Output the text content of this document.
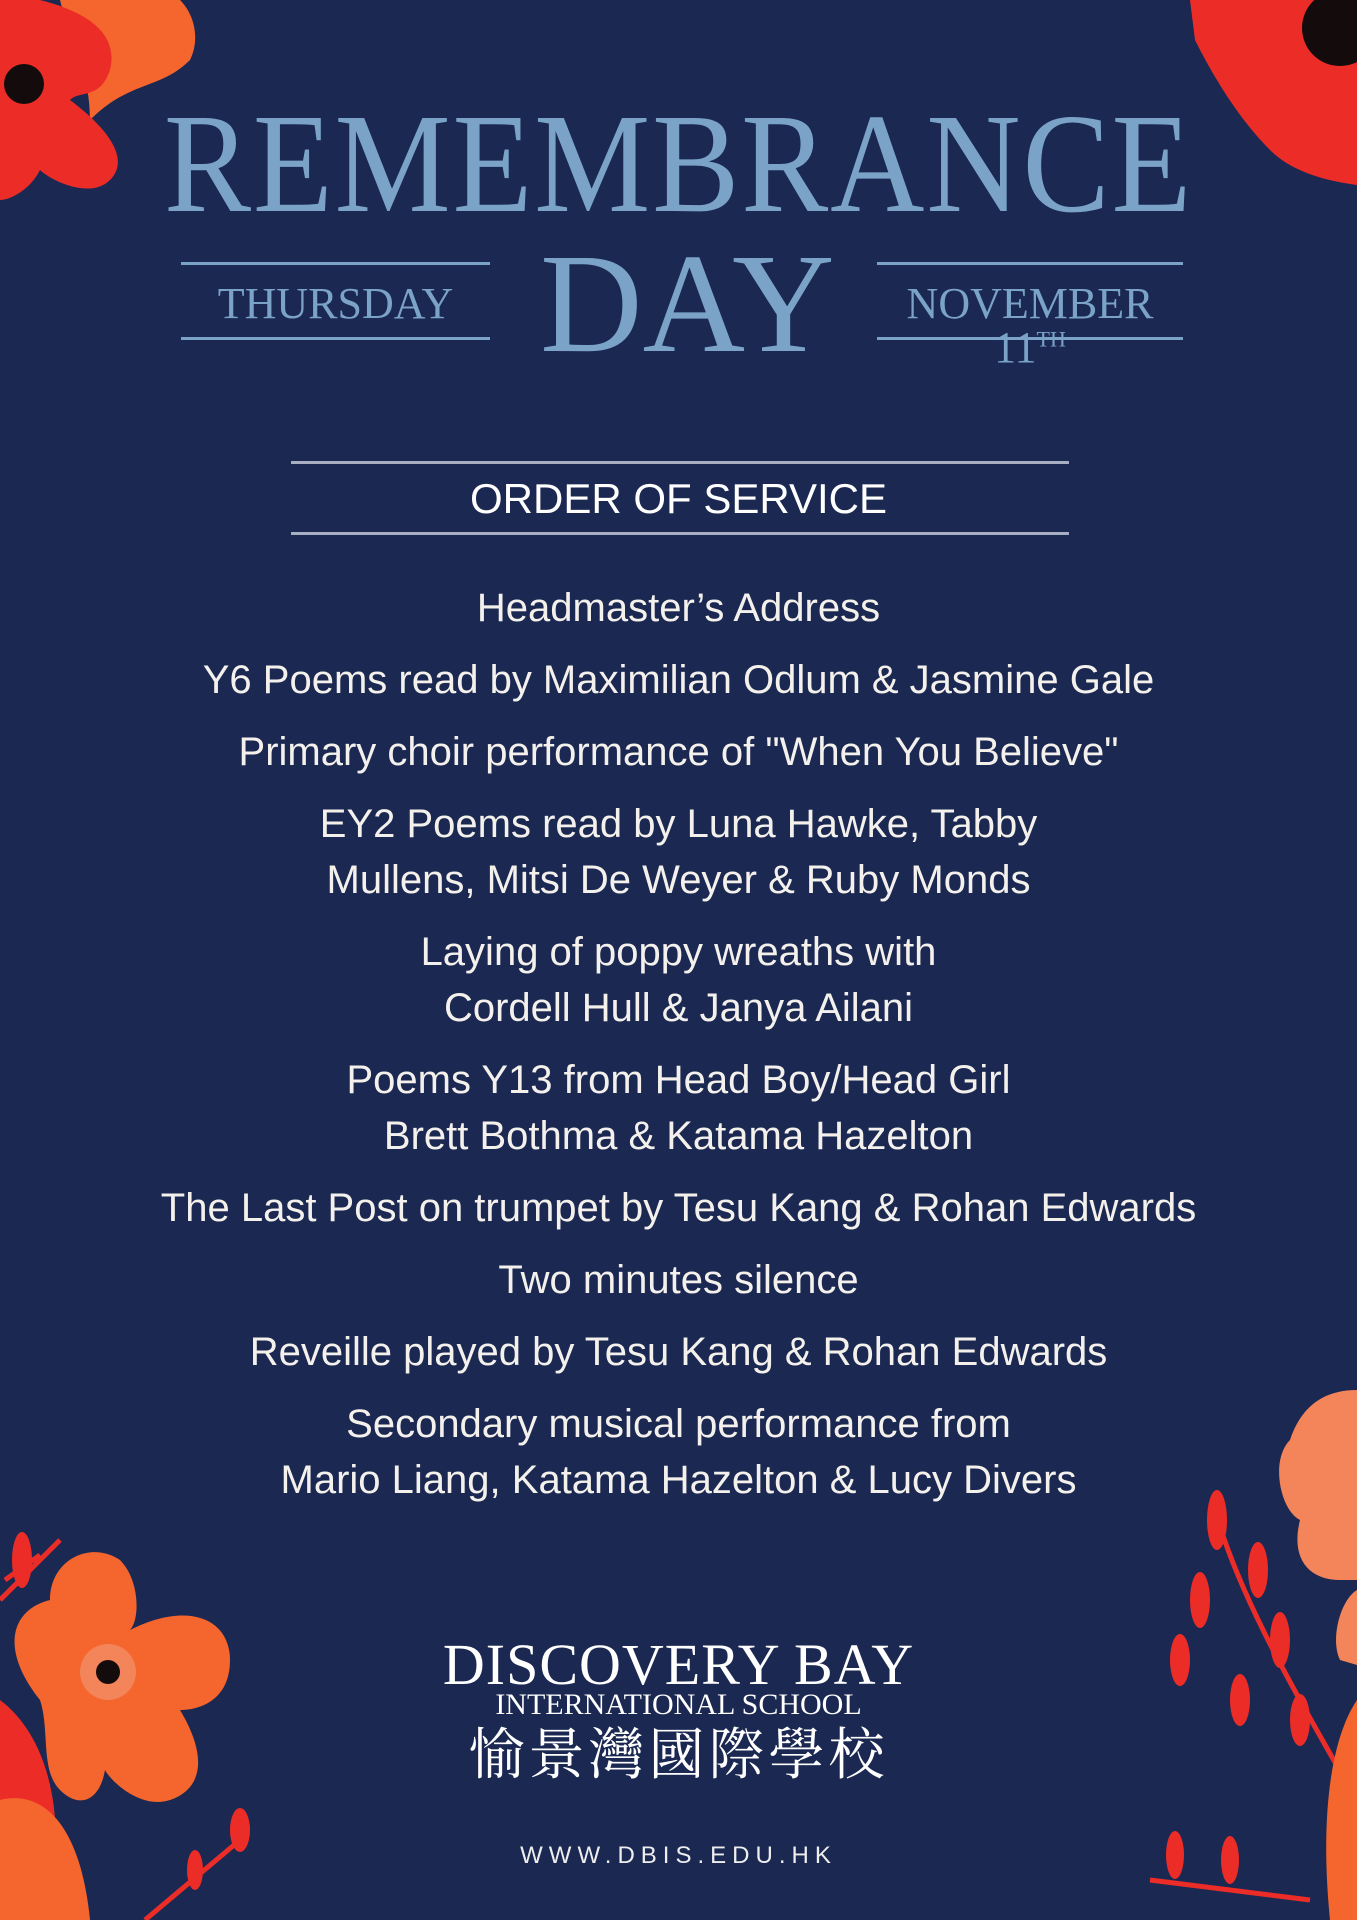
REMEMBRANCE
THURSDAY DAY	NOVEMBER 11TH
ORDER OF SERVICE
Headmaster’s Address
Y6 Poems read by Maximilian Odlum & Jasmine Gale
Primary choir performance of "When You Believe"
EY2 Poems read by Luna Hawke, Tabby
Mullens, Mitsi De Weyer & Ruby Monds
Laying of poppy wreaths with
Cordell Hull & Janya Ailani
Poems Y13 from Head Boy/Head Girl
Brett Bothma & Katama Hazelton
The Last Post on trumpet by Tesu Kang & Rohan Edwards
Two minutes silence
Reveille played by Tesu Kang & Rohan Edwards
Secondary musical performance from
Mario Liang, Katama Hazelton & Lucy Divers
DISCOVERY BAY
INTERNATIONAL SCHOOL
愉景灣國際學校
WWW.DBIS.EDU.HK
